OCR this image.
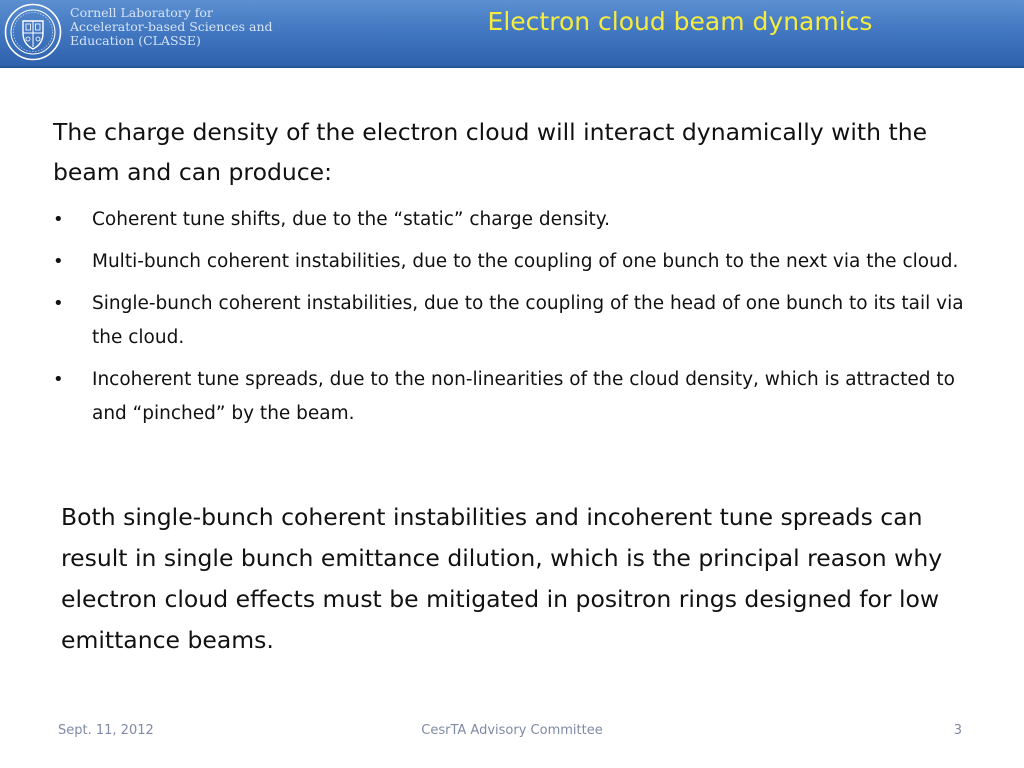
Cornell Laboratory for
Accelerator-based Sciences and
Education (CLASSE)
Electron cloud beam dynamics
The charge density of the electron cloud will interact dynamically with the beam and can produce:
• Coherent tune shifts, due to the “static” charge density.
• Multi-bunch coherent instabilities, due to the coupling of one bunch to the next via the cloud.
• Single-bunch coherent instabilities, due to the coupling of the head of one bunch to its tail via the cloud.
• Incoherent tune spreads, due to the non-linearities of the cloud density, which is attracted to and “pinched” by the beam.
Both single-bunch coherent instabilities and incoherent tune spreads can result in single bunch emittance dilution, which is the principal reason why electron cloud effects must be mitigated in positron rings designed for low emittance beams.
Sept. 11, 2012	CesrTA Advisory Committee	3
